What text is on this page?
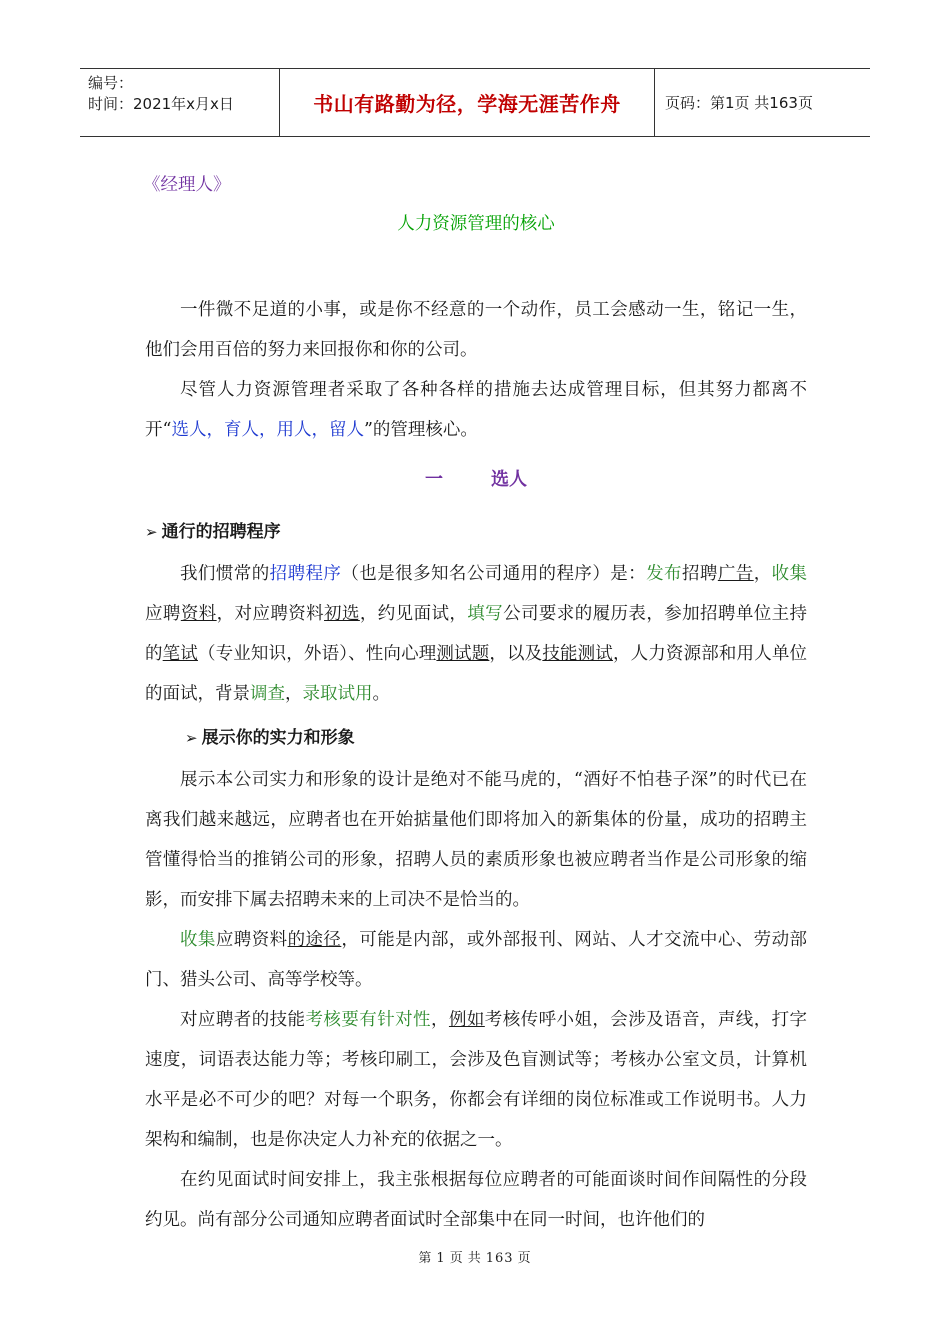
编号：
时间：2021年x月x日	书山有路勤为径，学海无涯苦作舟	页码：第1页 共163页
《经理人》
人力资源管理的核心

一件微不足道的小事，或是你不经意的一个动作，员工会感动一生，铭记一生，他们会用百倍的努力来回报你和你的公司。

尽管人力资源管理者采取了各种各样的措施去达成管理目标，但其努力都离不开“选人，育人，用人，留人”的管理核心。

一	选人
➢ 通行的招聘程序

我们惯常的招聘程序（也是很多知名公司通用的程序）是：发布招聘广告，收集应聘资料，对应聘资料初选，约见面试，填写公司要求的履历表，参加招聘单位主持的笔试（专业知识，外语）、性向心理测试题，以及技能测试，人力资源部和用人单位的面试，背景调查，录取试用。

➢ 展示你的实力和形象

展示本公司实力和形象的设计是绝对不能马虎的，“酒好不怕巷子深”的时代已在离我们越来越远，应聘者也在开始掂量他们即将加入的新集体的份量，成功的招聘主管懂得恰当的推销公司的形象，招聘人员的素质形象也被应聘者当作是公司形象的缩影，而安排下属去招聘未来的上司决不是恰当的。

收集应聘资料的途径，可能是内部，或外部报刊、网站、人才交流中心、劳动部门、猎头公司、高等学校等。

对应聘者的技能考核要有针对性，例如考核传呼小姐，会涉及语音，声线，打字速度，词语表达能力等；考核印刷工，会涉及色盲测试等；考核办公室文员，计算机水平是必不可少的吧？对每一个职务，你都会有详细的岗位标准或工作说明书。人力架构和编制，也是你决定人力补充的依据之一。

在约见面试时间安排上，我主张根据每位应聘者的可能面谈时间作间隔性的分段约见。尚有部分公司通知应聘者面试时全部集中在同一时间，也许他们的

第 1 页 共 163 页
